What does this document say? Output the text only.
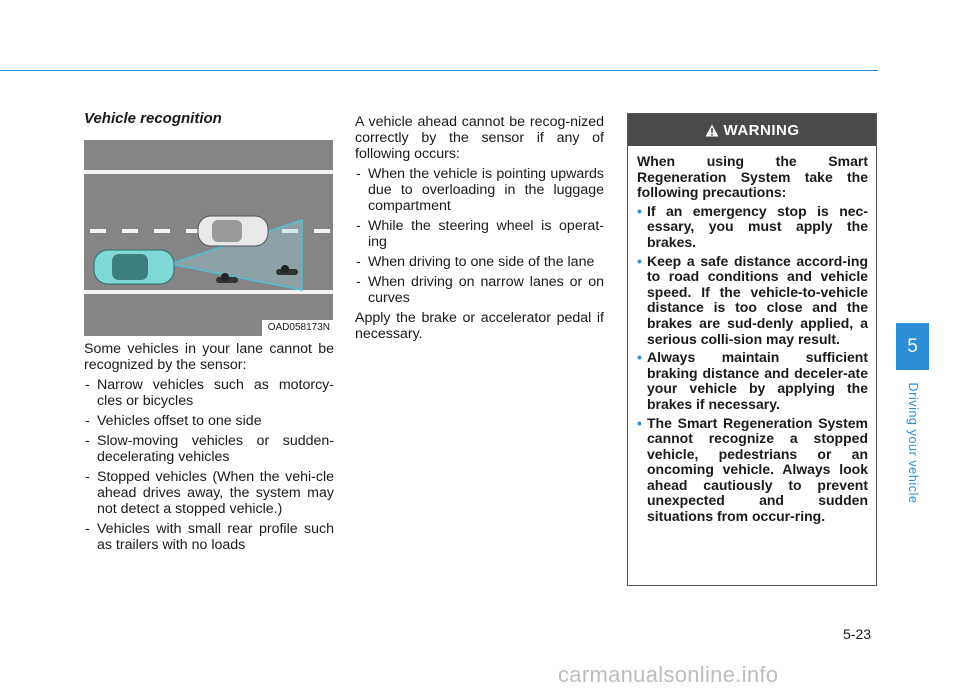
Vehicle recognition
OAD058173N

Some vehicles in your lane cannot be recognized by the sensor:

- Narrow vehicles such as motorcy-cles or bicycles
- Vehicles offset to one side
- Slow-moving vehicles or sudden-decelerating vehicles
- Stopped vehicles (When the vehi-cle ahead drives away, the system may not detect a stopped vehicle.)
- Vehicles with small rear profile such as trailers with no loads

A vehicle ahead cannot be recog-nized correctly by the sensor if any of following occurs:

- When the vehicle is pointing upwards due to overloading in the luggage compartment
- While the steering wheel is operat-ing
- When driving to one side of the lane
- When driving on narrow lanes or on curves

Apply the brake or accelerator pedal if necessary.

WARNING

When using the Smart Regeneration System take the following precautions:

• If an emergency stop is nec-essary, you must apply the brakes.
• Keep a safe distance accord-ing to road conditions and vehicle speed. If the vehicle-to-vehicle distance is too close and the brakes are sud-denly applied, a serious colli-sion may result.
• Always maintain sufficient braking distance and deceler-ate your vehicle by applying the brakes if necessary.
• The Smart Regeneration System cannot recognize a stopped vehicle, pedestrians or an oncoming vehicle. Always look ahead cautiously to prevent unexpected and sudden situations from occur-ring.
5
Driving your vehicle
5-23
carmanualsonline.info
